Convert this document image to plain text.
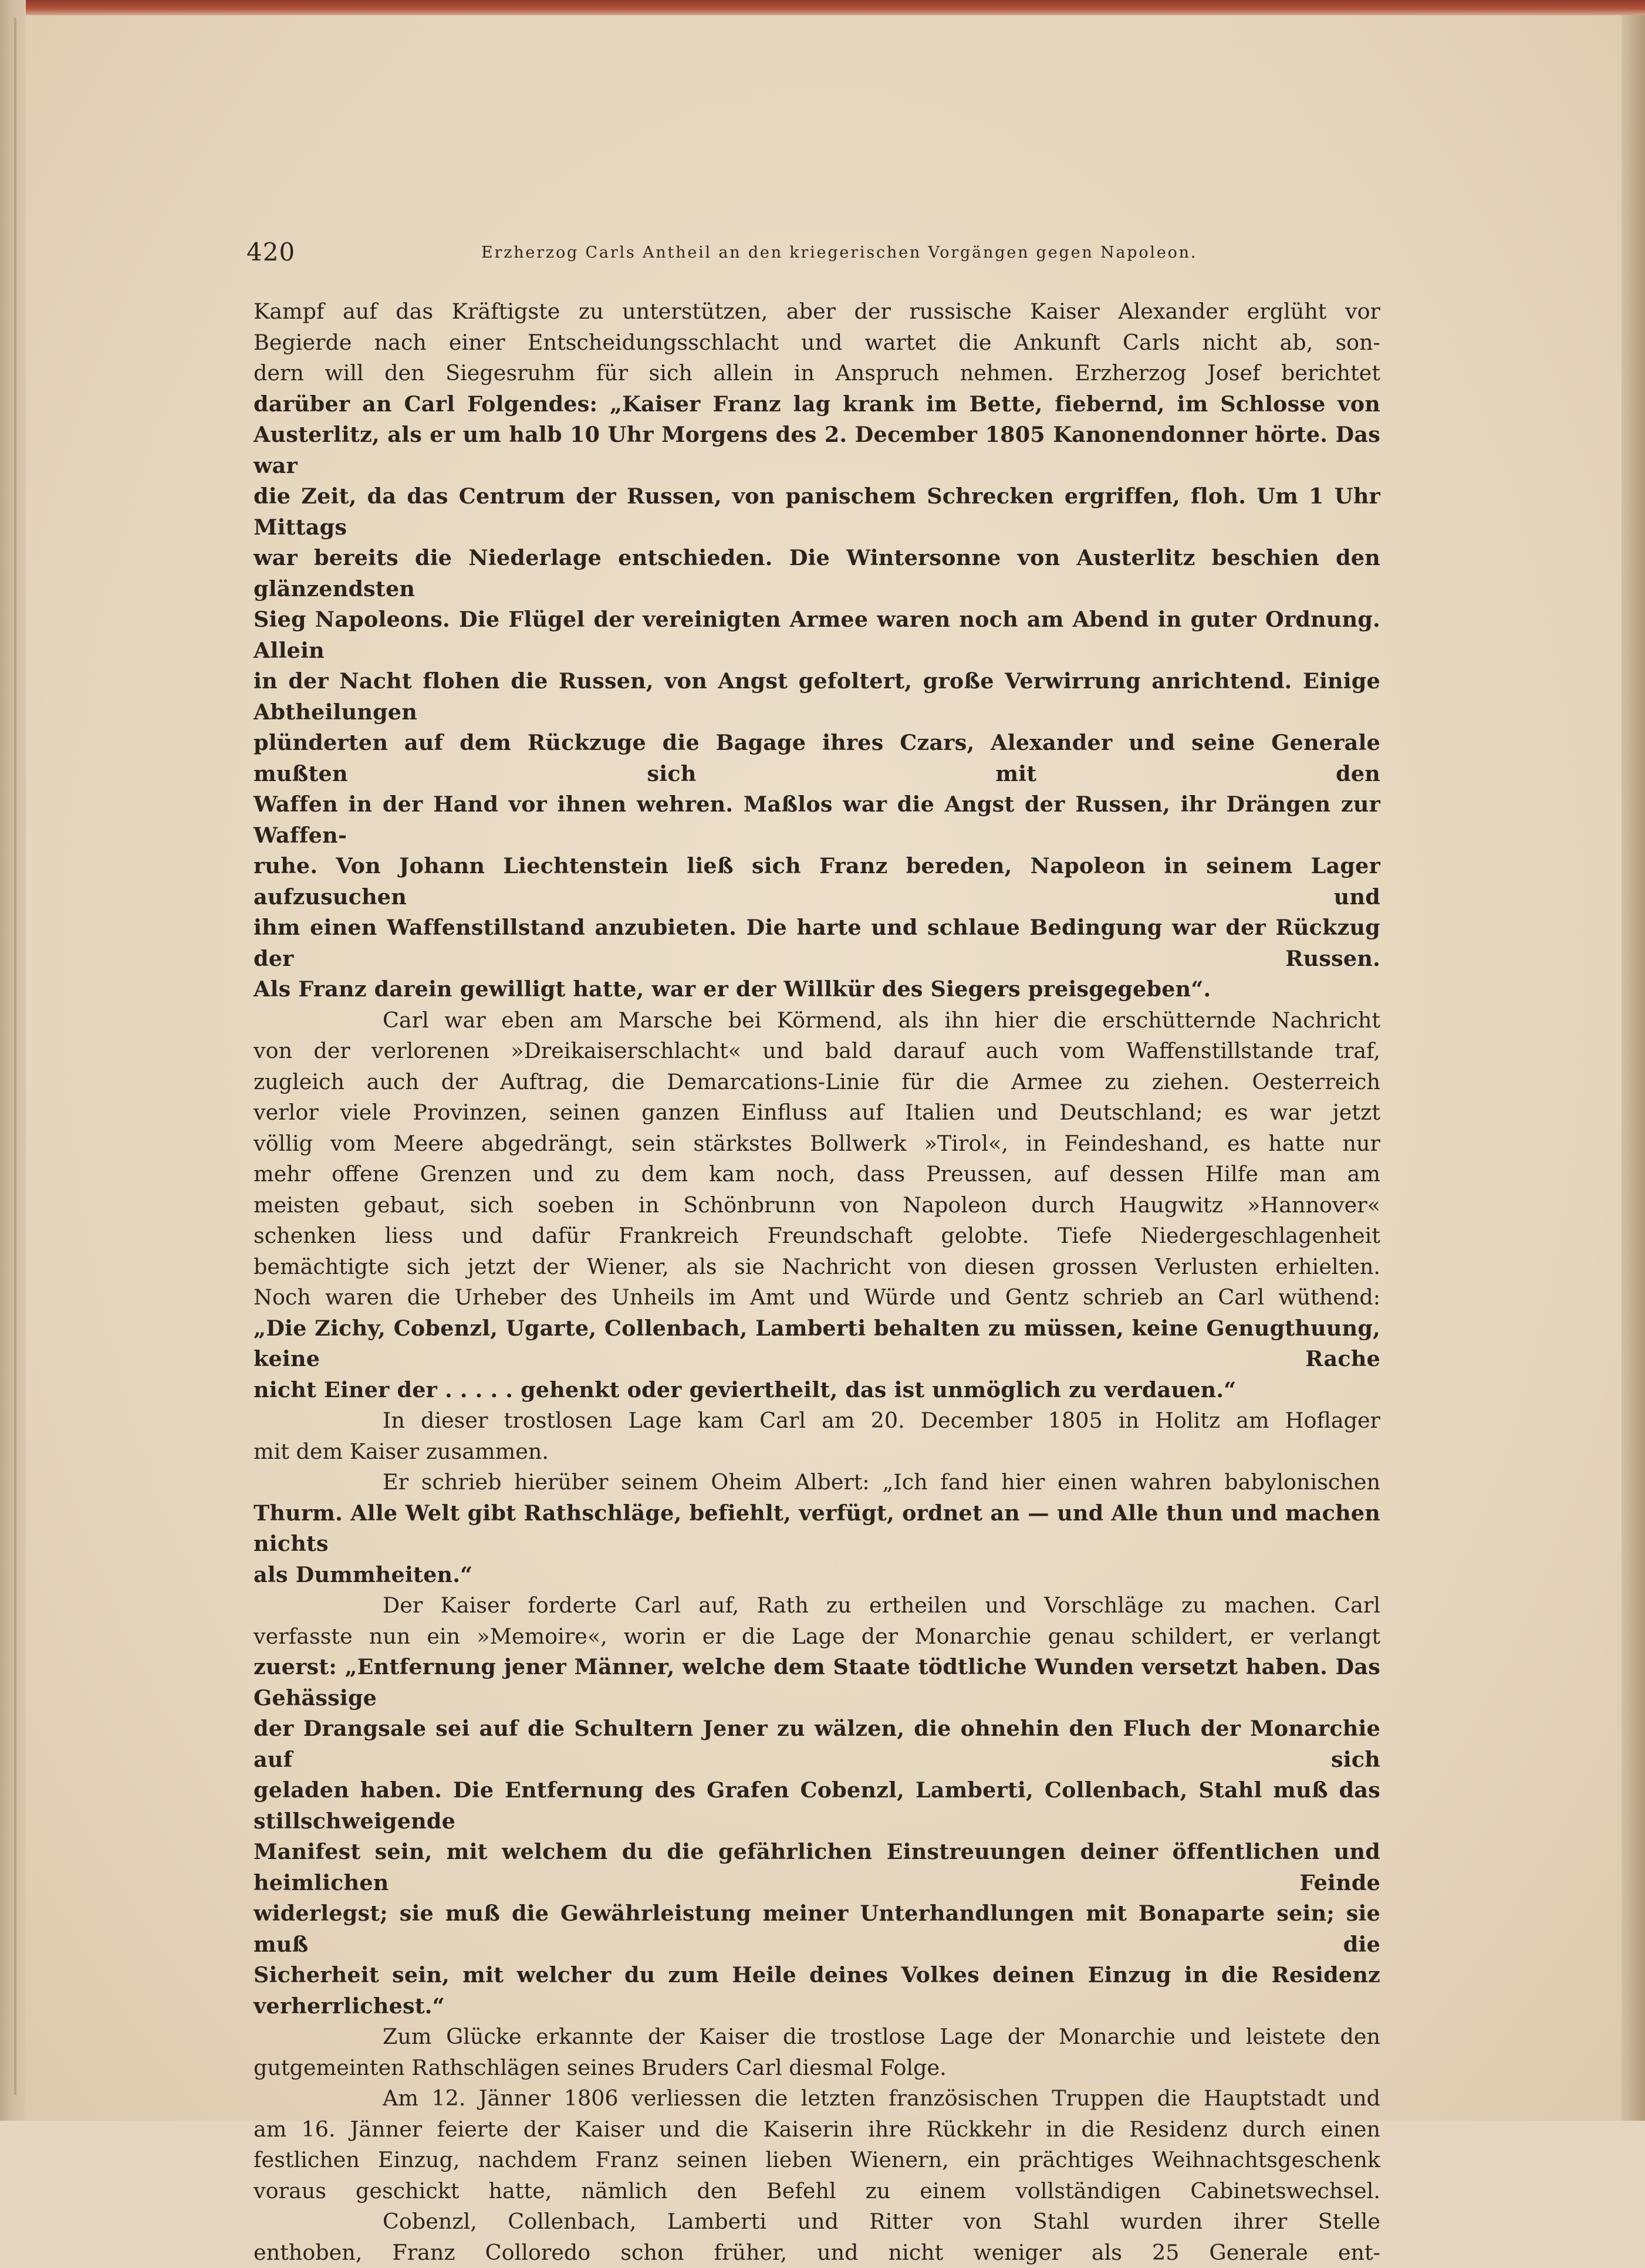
420	Erzherzog Carls Antheil an den kriegerischen Vorgängen gegen Napoleon.

Kampf auf das Kräftigste zu unterstützen, aber der russische Kaiser Alexander erglüht vor

Begierde nach einer Entscheidungsschlacht und wartet die Ankunft Carls nicht ab, son-

dern will den Siegesruhm für sich allein in Anspruch nehmen. Erzherzog Josef berichtet

darüber an Carl Folgendes: „Kaiser Franz lag krank im Bette, fiebernd, im Schlosse von

Austerlitz, als er um halb 10 Uhr Morgens des 2. December 1805 Kanonendonner hörte. Das war

die Zeit, da das Centrum der Russen, von panischem Schrecken ergriffen, floh. Um 1 Uhr Mittags

war bereits die Niederlage entschieden. Die Wintersonne von Austerlitz beschien den glänzendsten

Sieg Napoleons. Die Flügel der vereinigten Armee waren noch am Abend in guter Ordnung. Allein

in der Nacht flohen die Russen, von Angst gefoltert, große Verwirrung anrichtend. Einige Abtheilungen

plünderten auf dem Rückzuge die Bagage ihres Czars, Alexander und seine Generale mußten sich mit den

Waffen in der Hand vor ihnen wehren. Maßlos war die Angst der Russen, ihr Drängen zur Waffen-

ruhe. Von Johann Liechtenstein ließ sich Franz bereden, Napoleon in seinem Lager aufzusuchen und

ihm einen Waffenstillstand anzubieten. Die harte und schlaue Bedingung war der Rückzug der Russen.

Als Franz darein gewilligt hatte, war er der Willkür des Siegers preisgegeben“.

Carl war eben am Marsche bei Körmend, als ihn hier die erschütternde Nachricht

von der verlorenen »Dreikaiserschlacht« und bald darauf auch vom Waffenstillstande traf,

zugleich auch der Auftrag, die Demarcations-Linie für die Armee zu ziehen. Oesterreich

verlor viele Provinzen, seinen ganzen Einfluss auf Italien und Deutschland; es war jetzt

völlig vom Meere abgedrängt, sein stärkstes Bollwerk »Tirol«, in Feindeshand, es hatte nur

mehr offene Grenzen und zu dem kam noch, dass Preussen, auf dessen Hilfe man am

meisten gebaut, sich soeben in Schönbrunn von Napoleon durch Haugwitz »Hannover«

schenken liess und dafür Frankreich Freundschaft gelobte. Tiefe Niedergeschlagenheit

bemächtigte sich jetzt der Wiener, als sie Nachricht von diesen grossen Verlusten erhielten.

Noch waren die Urheber des Unheils im Amt und Würde und Gentz schrieb an Carl wüthend:

„Die Zichy, Cobenzl, Ugarte, Collenbach, Lamberti behalten zu müssen, keine Genugthuung, keine Rache

nicht Einer der . . . . . gehenkt oder geviertheilt, das ist unmöglich zu verdauen.“

In dieser trostlosen Lage kam Carl am 20. December 1805 in Holitz am Hoflager

mit dem Kaiser zusammen.

Er schrieb hierüber seinem Oheim Albert: „Ich fand hier einen wahren babylonischen

Thurm. Alle Welt gibt Rathschläge, befiehlt, verfügt, ordnet an — und Alle thun und machen nichts

als Dummheiten.“

Der Kaiser forderte Carl auf, Rath zu ertheilen und Vorschläge zu machen. Carl

verfasste nun ein »Memoire«, worin er die Lage der Monarchie genau schildert, er verlangt

zuerst: „Entfernung jener Männer, welche dem Staate tödtliche Wunden versetzt haben. Das Gehässige

der Drangsale sei auf die Schultern Jener zu wälzen, die ohnehin den Fluch der Monarchie auf sich

geladen haben. Die Entfernung des Grafen Cobenzl, Lamberti, Collenbach, Stahl muß das stillschweigende

Manifest sein, mit welchem du die gefährlichen Einstreuungen deiner öffentlichen und heimlichen Feinde

widerlegst; sie muß die Gewährleistung meiner Unterhandlungen mit Bonaparte sein; sie muß die

Sicherheit sein, mit welcher du zum Heile deines Volkes deinen Einzug in die Residenz verherrlichest.“

Zum Glücke erkannte der Kaiser die trostlose Lage der Monarchie und leistete den

gutgemeinten Rathschlägen seines Bruders Carl diesmal Folge.

Am 12. Jänner 1806 verliessen die letzten französischen Truppen die Hauptstadt und

am 16. Jänner feierte der Kaiser und die Kaiserin ihre Rückkehr in die Residenz durch einen

festlichen Einzug, nachdem Franz seinen lieben Wienern, ein prächtiges Weihnachtsgeschenk

voraus geschickt hatte, nämlich den Befehl zu einem vollständigen Cabinetswechsel.

Cobenzl, Collenbach, Lamberti und Ritter von Stahl wurden ihrer Stelle

enthoben, Franz Colloredo schon früher, und nicht weniger als 25 Generale ent-
